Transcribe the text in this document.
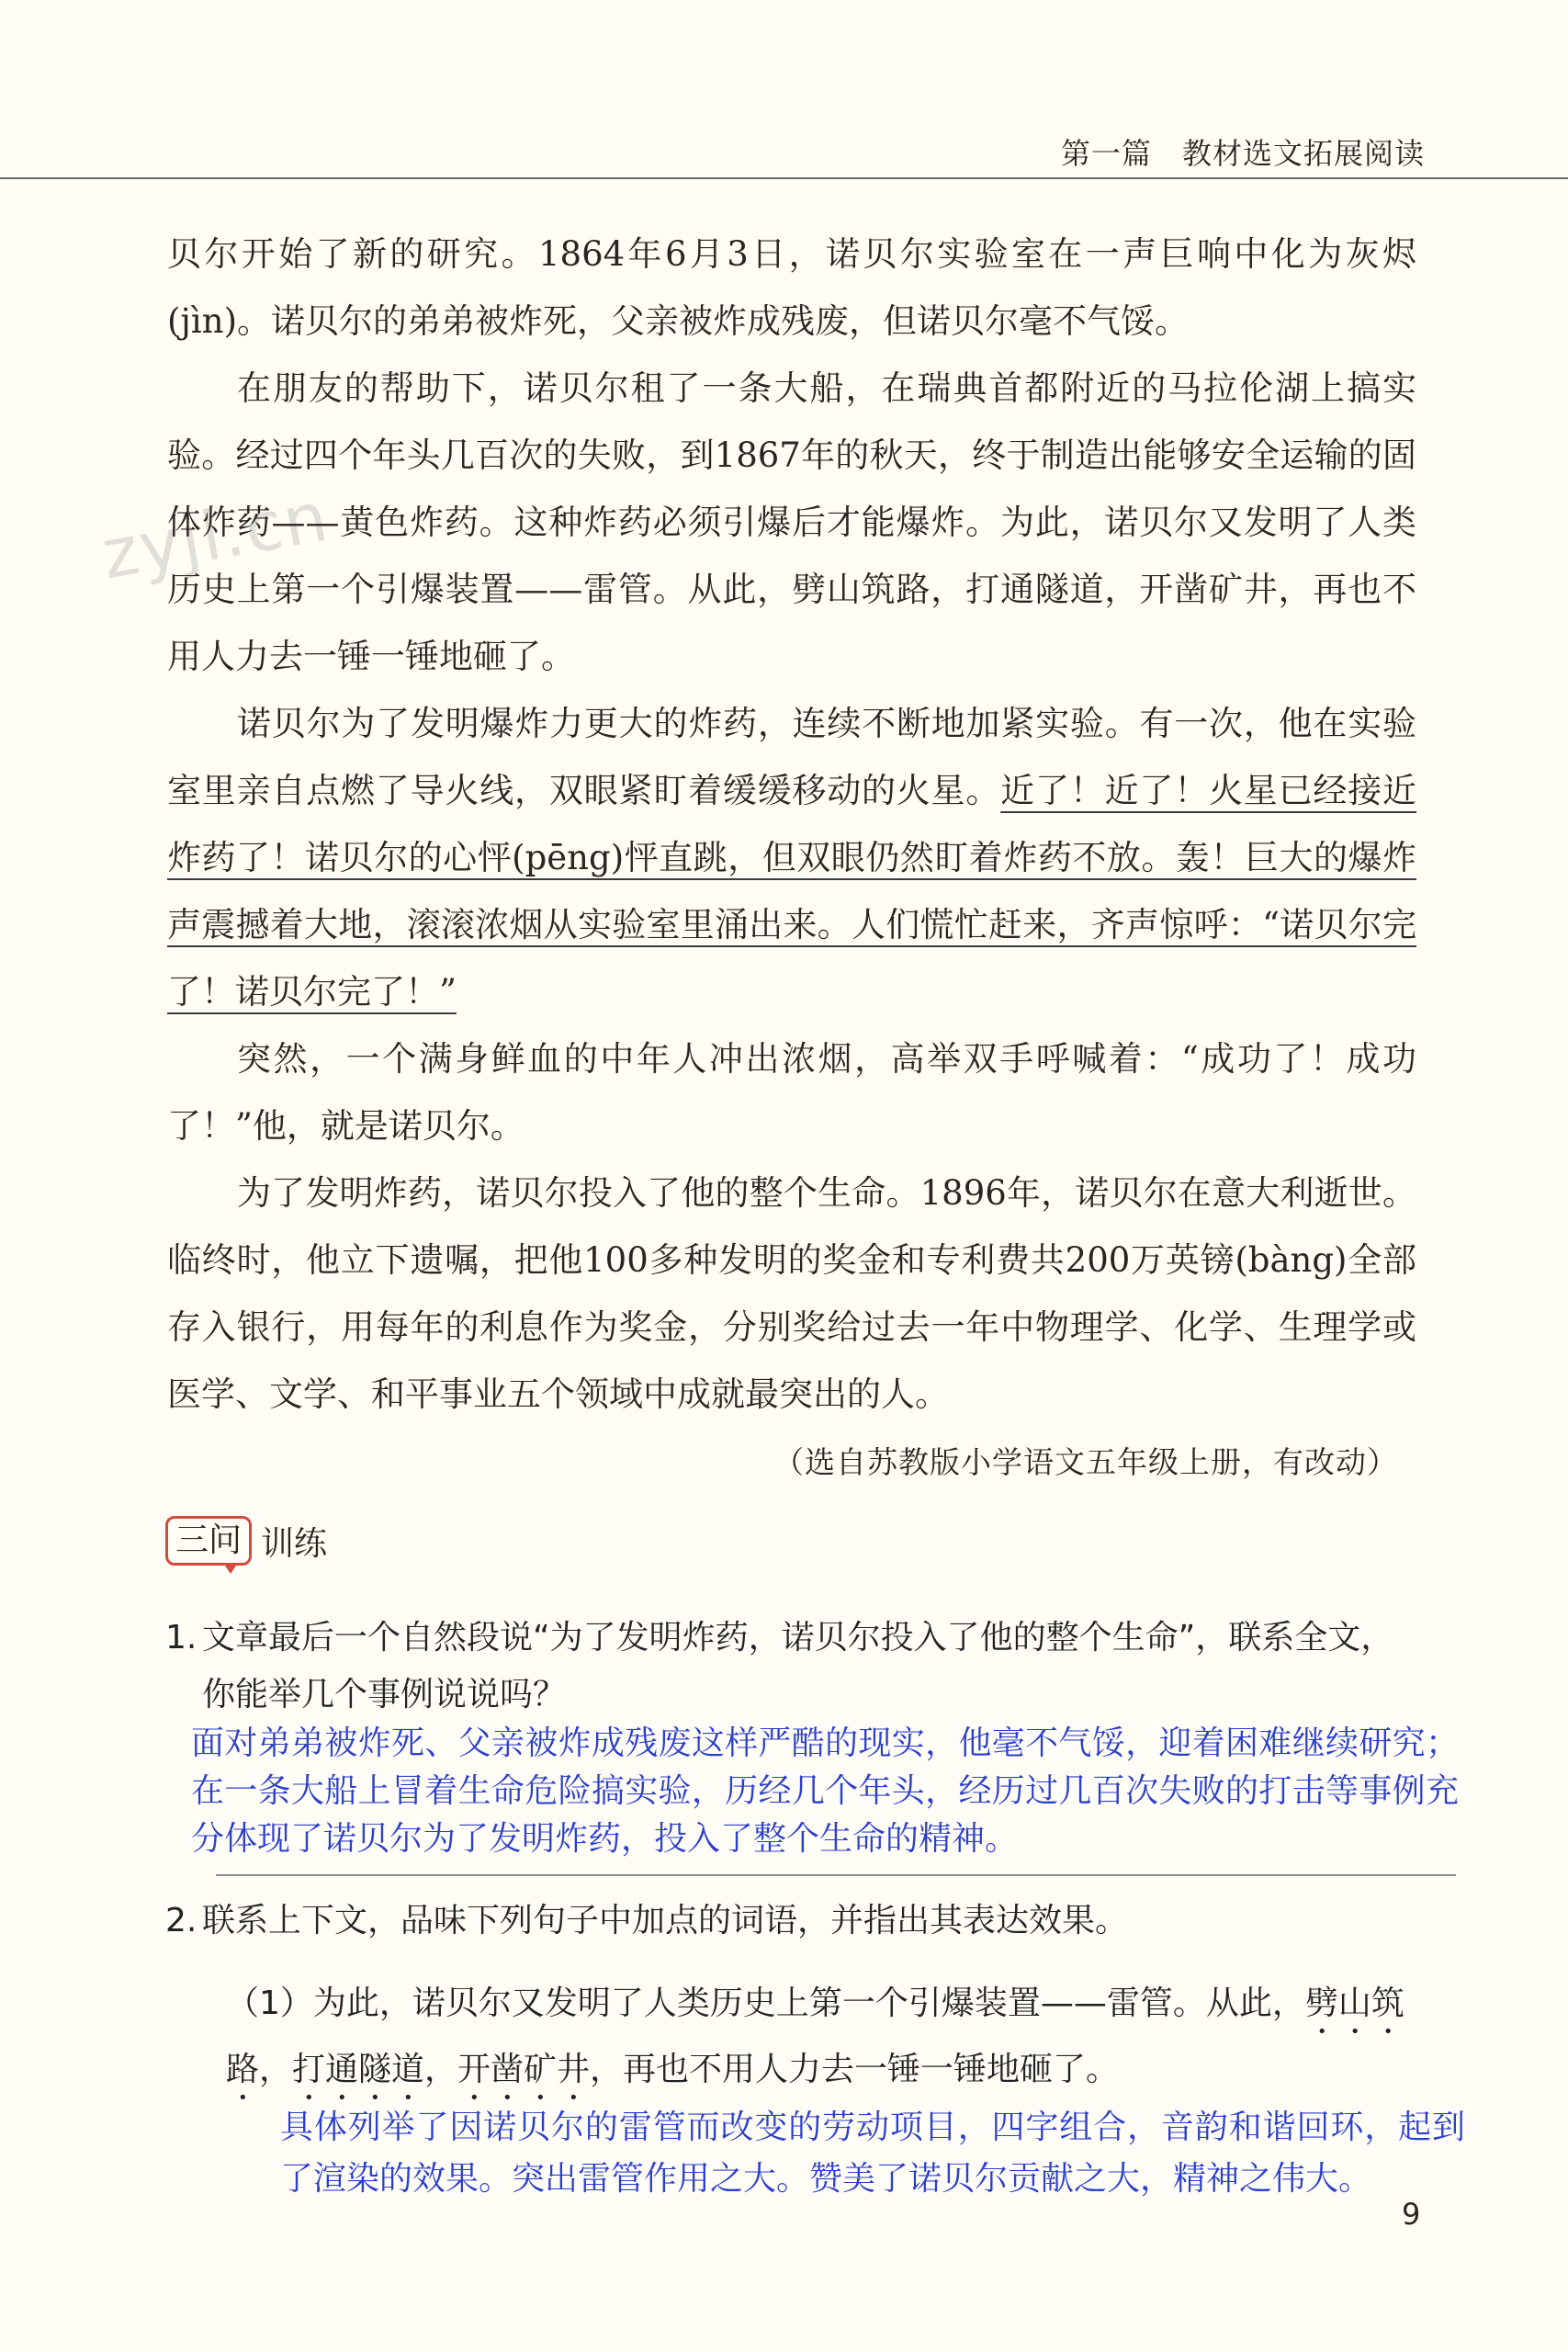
第一篇　教材选文拓展阅读
zyjl.cn

贝尔开始了新的研究。1864年6月3日，诺贝尔实验室在一声巨响中化为灰烬(jìn)。诺贝尔的弟弟被炸死，父亲被炸成残废，但诺贝尔毫不气馁。

在朋友的帮助下，诺贝尔租了一条大船，在瑞典首都附近的马拉伦湖上搞实验。经过四个年头几百次的失败，到1867年的秋天，终于制造出能够安全运输的固体炸药——黄色炸药。这种炸药必须引爆后才能爆炸。为此，诺贝尔又发明了人类历史上第一个引爆装置——雷管。从此，劈山筑路，打通隧道，开凿矿井，再也不用人力去一锤一锤地砸了。

诺贝尔为了发明爆炸力更大的炸药，连续不断地加紧实验。有一次，他在实验室里亲自点燃了导火线，双眼紧盯着缓缓移动的火星。近了！近了！火星已经接近炸药了！诺贝尔的心怦(pēng)怦直跳，但双眼仍然盯着炸药不放。轰！巨大的爆炸声震撼着大地，滚滚浓烟从实验室里涌出来。人们慌忙赶来，齐声惊呼：“诺贝尔完了！诺贝尔完了！”

突然，一个满身鲜血的中年人冲出浓烟，高举双手呼喊着：“成功了！成功了！”他，就是诺贝尔。

为了发明炸药，诺贝尔投入了他的整个生命。1896年，诺贝尔在意大利逝世。临终时，他立下遗嘱，把他100多种发明的奖金和专利费共200万英镑(bàng)全部存入银行，用每年的利息作为奖金，分别奖给过去一年中物理学、化学、生理学或医学、文学、和平事业五个领域中成就最突出的人。

（选自苏教版小学语文五年级上册，有改动）
三问 训练
1. 文章最后一个自然段说“为了发明炸药，诺贝尔投入了他的整个生命”，联系全文，你能举几个事例说说吗？

面对弟弟被炸死、父亲被炸成残废这样严酷的现实，他毫不气馁，迎着困难继续研究；在一条大船上冒着生命危险搞实验，历经几个年头，经历过几百次失败的打击等事例充分体现了诺贝尔为了发明炸药，投入了整个生命的精神。
2. 联系上下文，品味下列句子中加点的词语，并指出其表达效果。

（1）为此，诺贝尔又发明了人类历史上第一个引爆装置——雷管。从此，劈山筑路，打通隧道，开凿矿井，再也不用人力去一锤一锤地砸了。
具体列举了因诺贝尔的雷管而改变的劳动项目，四字组合，音韵和谐回环，起到了渲染的效果。突出雷管作用之大。赞美了诺贝尔贡献之大，精神之伟大。
9
